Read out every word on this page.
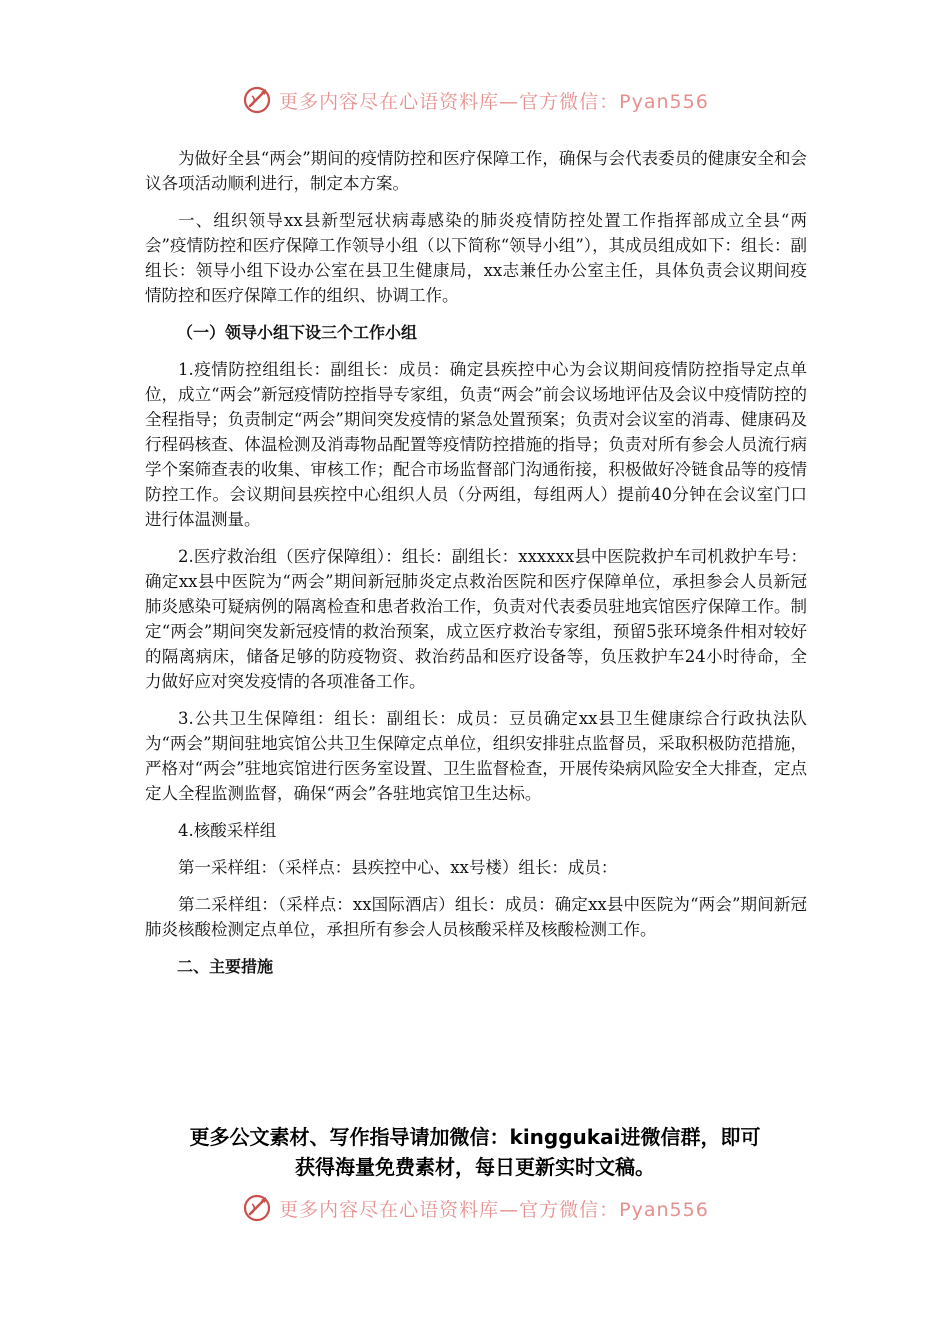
更多内容尽在心语资料库—官方微信：Pyan556

为做好全县“两会”期间的疫情防控和医疗保障工作，确保与会代表委员的健康安全和会议各项活动顺利进行，制定本方案。

一、组织领导xx县新型冠状病毒感染的肺炎疫情防控处置工作指挥部成立全县“两会”疫情防控和医疗保障工作领导小组（以下简称“领导小组”），其成员组成如下：组长：副组长：领导小组下设办公室在县卫生健康局，xx志兼任办公室主任，具体负责会议期间疫情防控和医疗保障工作的组织、协调工作。

（一）领导小组下设三个工作小组

1.疫情防控组组长：副组长：成员：确定县疾控中心为会议期间疫情防控指导定点单位，成立“两会”新冠疫情防控指导专家组，负责“两会”前会议场地评估及会议中疫情防控的全程指导；负责制定“两会”期间突发疫情的紧急处置预案；负责对会议室的消毒、健康码及行程码核查、体温检测及消毒物品配置等疫情防控措施的指导；负责对所有参会人员流行病学个案筛查表的收集、审核工作；配合市场监督部门沟通衔接，积极做好冷链食品等的疫情防控工作。会议期间县疾控中心组织人员（分两组，每组两人）提前40分钟在会议室门口进行体温测量。

2.医疗救治组（医疗保障组）：组长：副组长：xxxxxx县中医院救护车司机救护车号：确定xx县中医院为“两会”期间新冠肺炎定点救治医院和医疗保障单位，承担参会人员新冠肺炎感染可疑病例的隔离检查和患者救治工作，负责对代表委员驻地宾馆医疗保障工作。制定“两会”期间突发新冠疫情的救治预案，成立医疗救治专家组，预留5张环境条件相对较好的隔离病床，储备足够的防疫物资、救治药品和医疗设备等，负压救护车24小时待命，全力做好应对突发疫情的各项准备工作。

3.公共卫生保障组：组长：副组长：成员：豆员确定xx县卫生健康综合行政执法队为“两会”期间驻地宾馆公共卫生保障定点单位，组织安排驻点监督员，采取积极防范措施，严格对“两会”驻地宾馆进行医务室设置、卫生监督检查，开展传染病风险安全大排查，定点定人全程监测监督，确保“两会”各驻地宾馆卫生达标。

4.核酸采样组

第一采样组：（采样点：县疾控中心、xx号楼）组长：成员：

第二采样组：（采样点：xx国际酒店）组长：成员：确定xx县中医院为“两会”期间新冠肺炎核酸检测定点单位，承担所有参会人员核酸采样及核酸检测工作。

二、主要措施

更多公文素材、写作指导请加微信：kinggukai进微信群，即可
获得海量免费素材，每日更新实时文稿。
更多内容尽在心语资料库—官方微信：Pyan556
